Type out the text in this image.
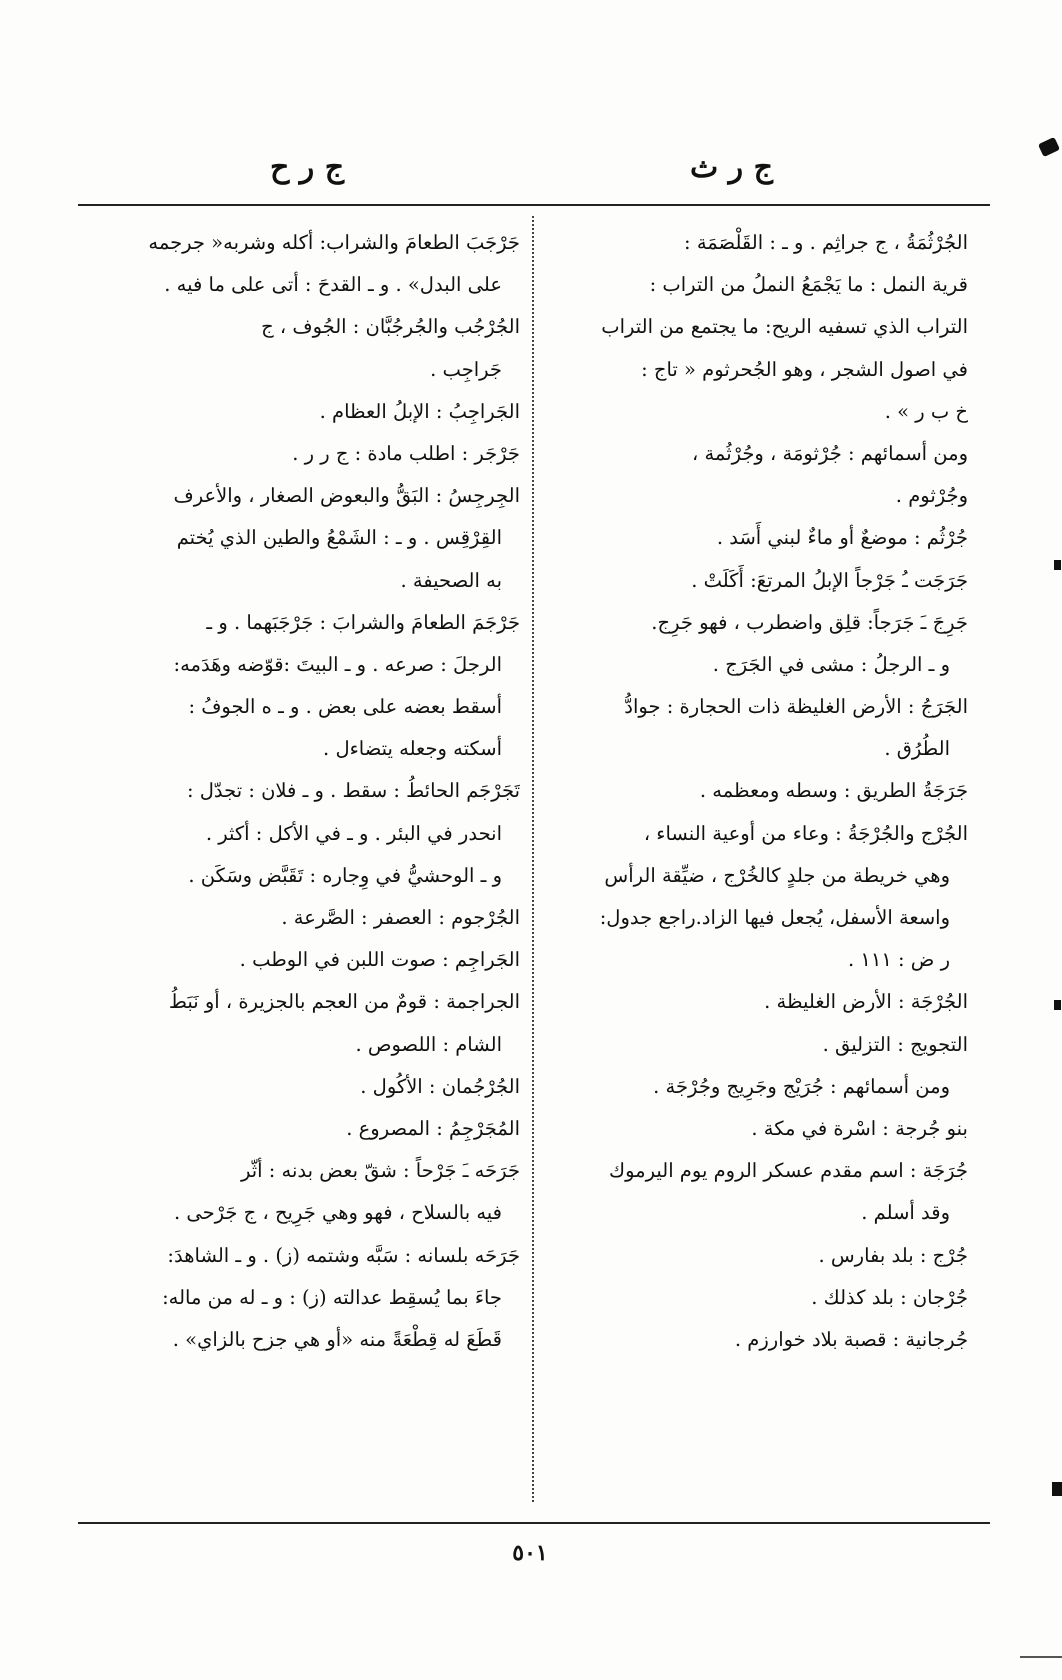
ج ر ث
ج ر ح
الجُرْثُمَةُ ، ج جراثِم . و ـ : القَلْصَمَة :
قرية النمل : ما يَجْمَعُ النملُ من التراب :
التراب الذي تسفيه الريح: ما يجتمع من التراب
في اصول الشجر ، وهو الجُحرثوم « تاج :
خ ب ر » .
ومن أسمائهم : جُرْثومَة ، وجُرْثُمة ،
وجُرْثوم .
جُرْثُم : موضعٌ أو ماءٌ لبني أَسَد .
جَرَجَت ـُ جَرْجاً الإبلُ المرتعَ: أَكَلَتْ .
جَرِجَ ـَ جَرَجاً: قلِق واضطرب ، فهو جَرِج.
و ـ الرجلُ : مشى في الجَرَج .
الجَرَجُ : الأرض الغليظة ذات الحجارة : جوادُّ
الطُرُق .
جَرَجَةُ الطريق : وسطه ومعظمه .
الجُرْج والجُرْجَةُ : وعاء من أوعية النساء ،
وهي خريطة من جلدٍ كالخُرْج ، ضيِّقة الرأس
واسعة الأسفل، يُجعل فيها الزاد.راجع جدول:
ر ض : ١١١ .
الجُرْجَة : الأرض الغليظة .
التجويج : التزليق .
ومن أسمائهم : جُرَيْج وجَرِيج وجُرْجَة .
بنو جُرجة : اسْرة في مكة .
جُرَجَة : اسم مقدم عسكر الروم يوم اليرموك
وقد أسلم .
جُرْج : بلد بفارس .
جُرْجان : بلد كذلك .
جُرجانية : قصبة بلاد خوارزم .
جَرْجَبَ الطعامَ والشراب: أكله وشربه« جرجمه
على البدل» . و ـ القدحَ : أتى على ما فيه .
الجُرْجُب والجُرجُبَّان : الجُوف ، ج
جَراجِب .
الجَراجِبُ : الإبلُ العظام .
جَرْجَر : اطلب مادة : ج ر ر .
الجِرجِسُ : البَقُّ والبعوض الصغار ، والأعرف
القِرْقِس . و ـ : الشَمْعُ والطين الذي يُختم
به الصحيفة .
جَرْجَمَ الطعامَ والشرابَ : جَرْجَبَهما . و ـ
الرجلَ : صرعه . و ـ البيتَ :قوّضه وهَدَمه:
أسقط بعضه على بعض . و ـ ه الجوفُ :
أسكته وجعله يتضاءل .
تَجَرْجَم الحائطُ : سقط . و ـ فلان : تجدّل :
انحدر في البئر . و ـ في الأكل : أكثر .
و ـ الوحشيُّ في وِجاره : تَقَبَّض وسَكَن .
الجُرْجوم : العصفر : الصَّرعة .
الجَراجِم : صوت اللبن في الوطب .
الجراجمة : قومٌ من العجم بالجزيرة ، أو نَبَطُ
الشام : اللصوص .
الجُرْجُمان : الأكُول .
المُجَرْجِمُ : المصروع .
جَرَحَه ـَ جَرْحاً : شقّ بعض بدنه : أثّر
فيه بالسلاح ، فهو وهي جَرِيح ، ج جَرْحى .
جَرَحَه بلسانه : سَبَّه وشتمه (ز) . و ـ الشاهدَ:
جاءَ بما يُسقِط عدالته (ز) : و ـ له من ماله:
قَطَعَ له قِطْعَةً منه «أو هي جزح بالزاي» .
٥٠١
